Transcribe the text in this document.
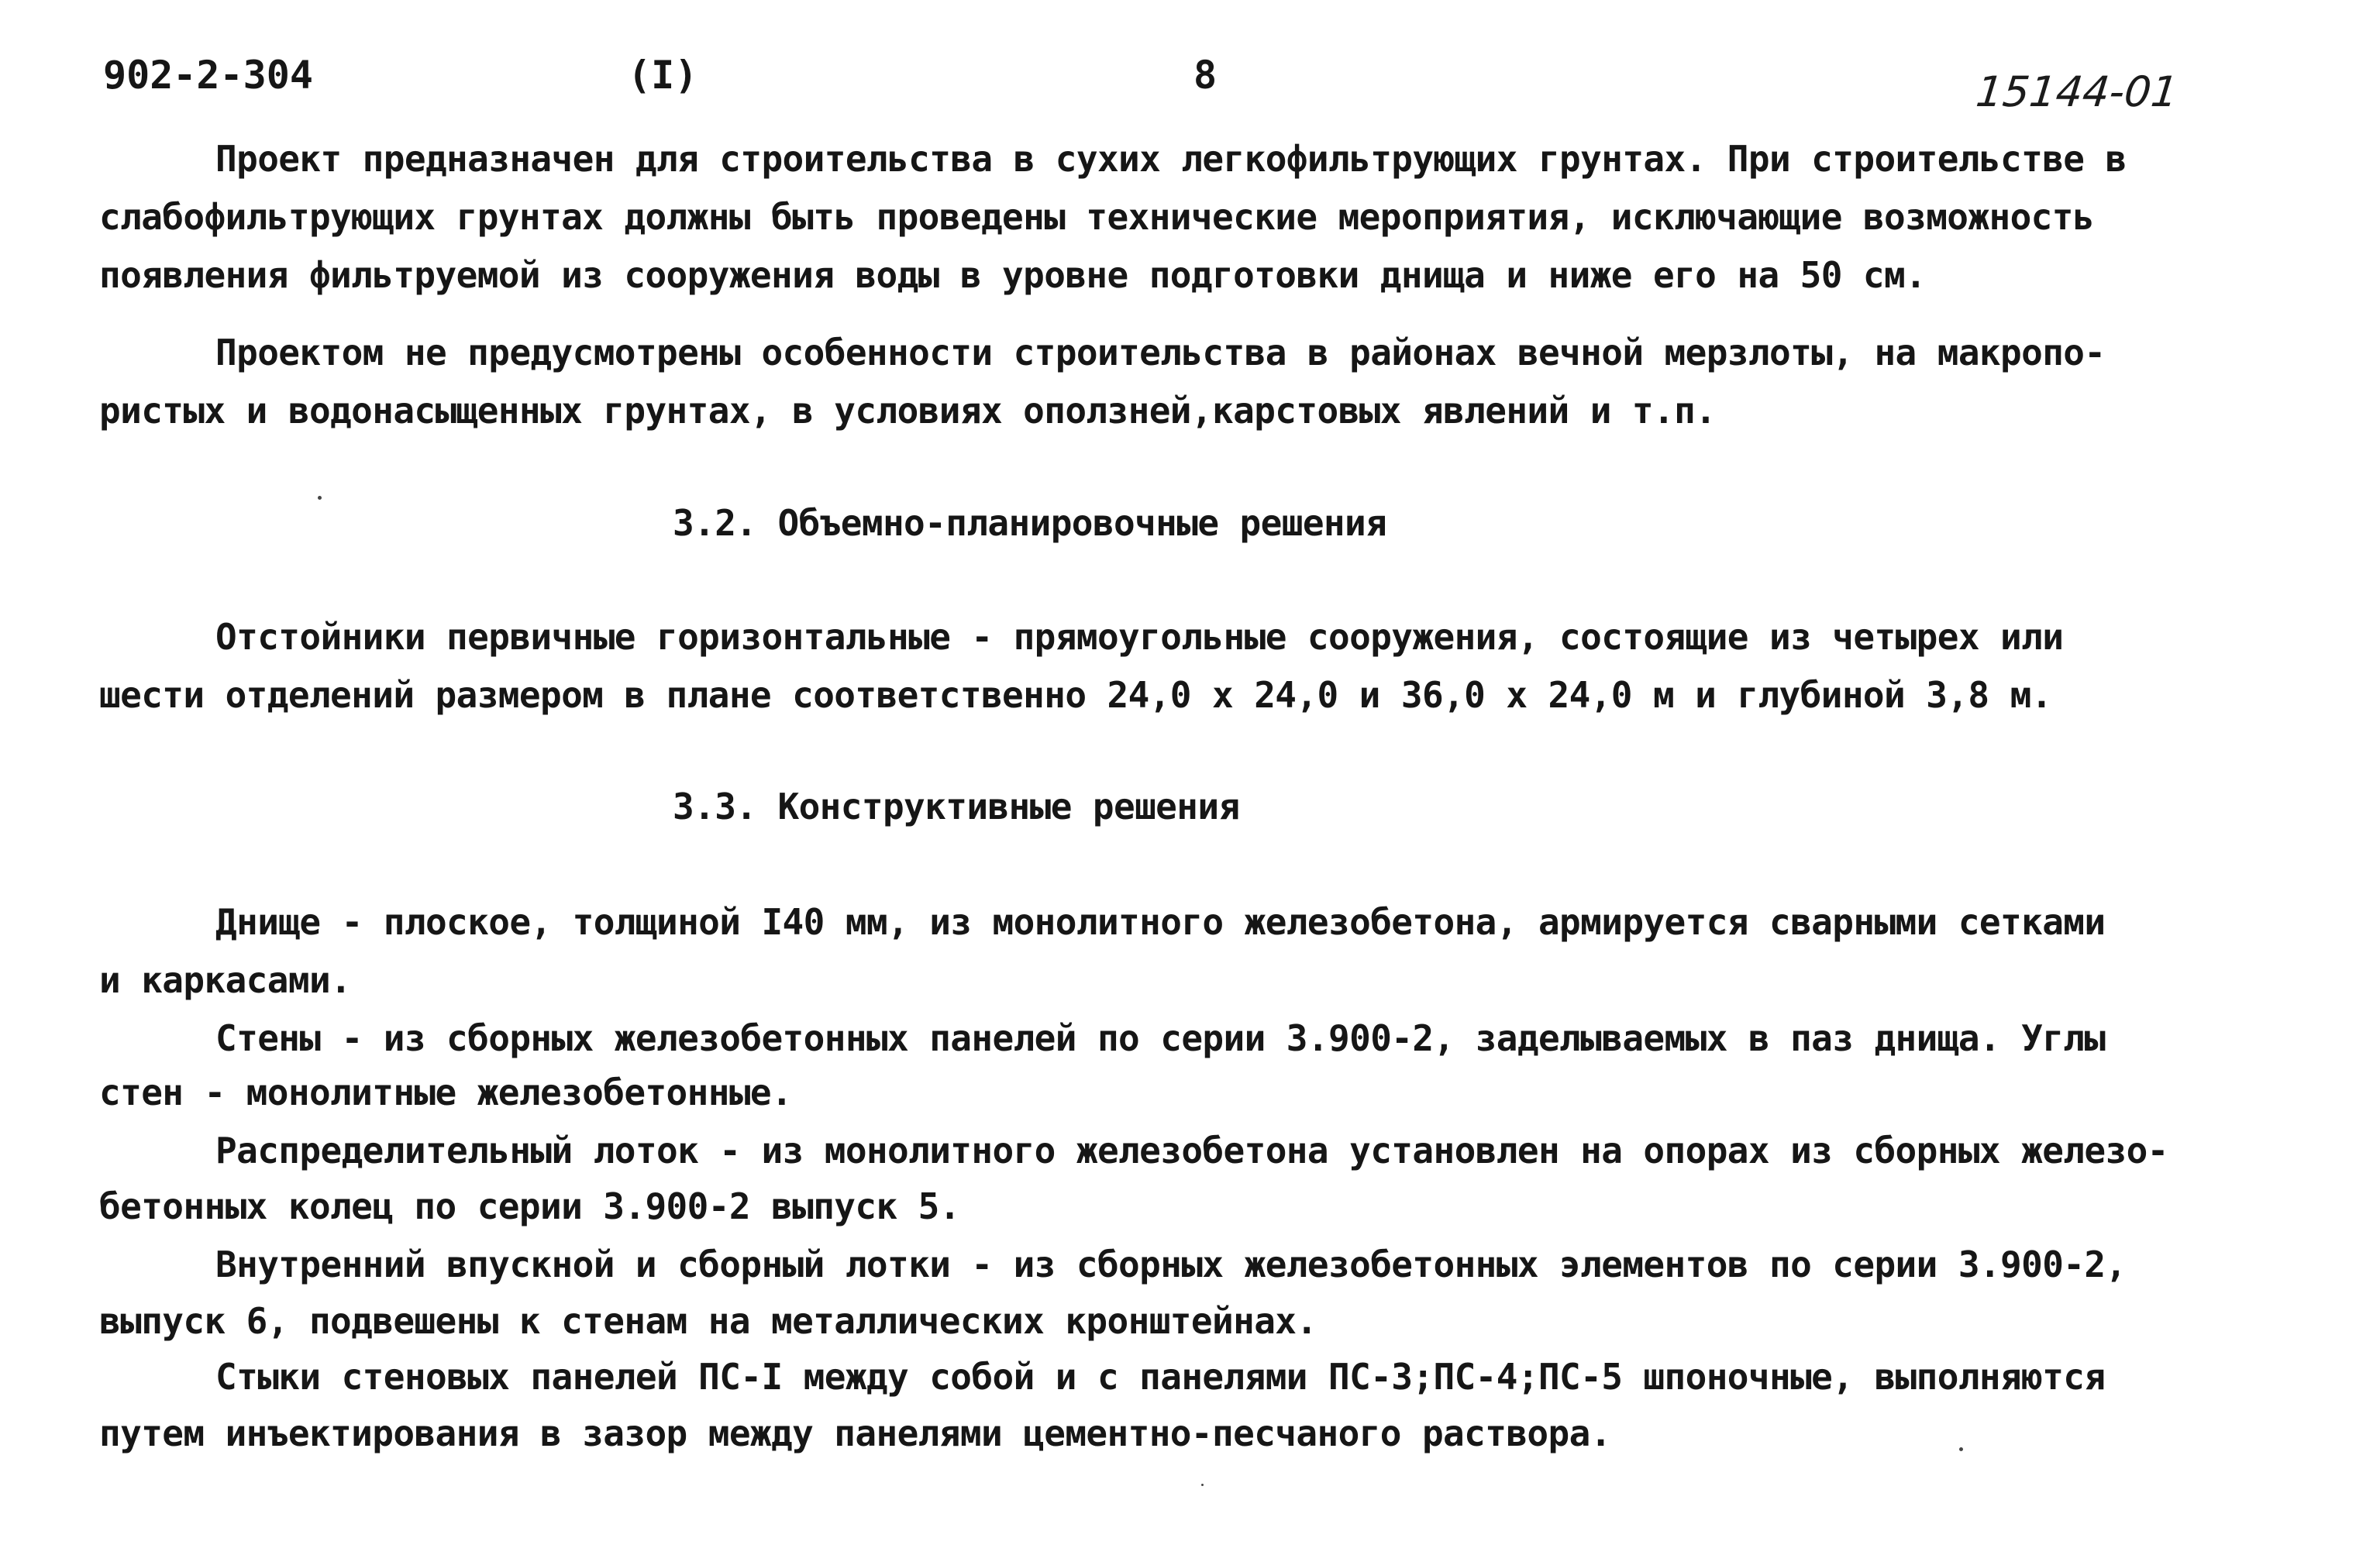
902-2-304	(I)	8	15144-01
Проект предназначен для строительства в сухих легкофильтрующих грунтах. При строительстве в
слабофильтрующих грунтах должны быть проведены технические мероприятия, исключающие возможность
появления фильтруемой из сооружения воды в уровне подготовки днища и ниже его на 50 см.
Проектом не предусмотрены особенности строительства в районах вечной мерзлоты, на макропо-
ристых и водонасыщенных грунтах, в условиях оползней,карстовых явлений и т.п.
3.2. Объемно-планировочные решения
Отстойники первичные горизонтальные - прямоугольные сооружения, состоящие из четырех или
шести отделений размером в плане соответственно 24,0 х 24,0 и 36,0 х 24,0 м и глубиной 3,8 м.
3.3. Конструктивные решения
Днище - плоское, толщиной I40 мм, из монолитного железобетона, армируется сварными сетками
и каркасами.
Стены - из сборных железобетонных панелей по серии 3.900-2, заделываемых в паз днища. Углы
стен - монолитные железобетонные.
Распределительный лоток - из монолитного железобетона установлен на опорах из сборных железо-
бетонных колец по серии 3.900-2 выпуск 5.
Внутренний впускной и сборный лотки - из сборных железобетонных элементов по серии 3.900-2,
выпуск 6, подвешены к стенам на металлических кронштейнах.
Стыки стеновых панелей ПС-I между собой и с панелями ПС-3;ПС-4;ПС-5 шпоночные, выполняются
путем инъектирования в зазор между панелями цементно-песчаного раствора.
